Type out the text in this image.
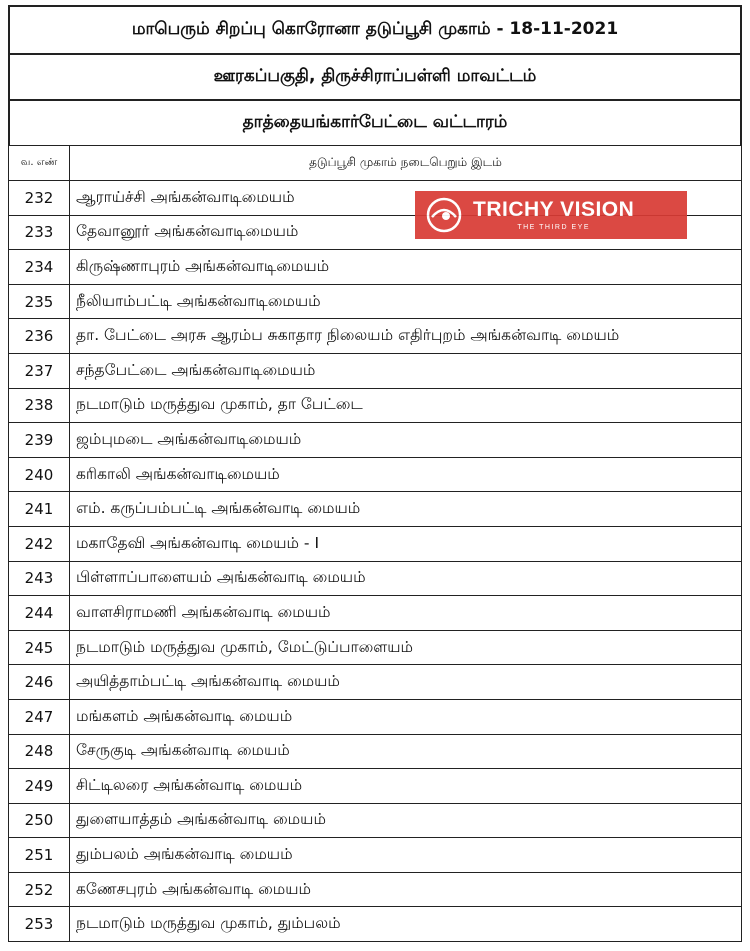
மாபெரும் சிறப்பு கொரோனா தடுப்பூசி முகாம் - 18-11-2021
ஊரகப்பகுதி, திருச்சிராப்பள்ளி மாவட்டம்
தாத்தையங்கார்பேட்டை வட்டாரம்
வ. எண்	தடுப்பூசி முகாம் நடைபெறும் இடம்
232	ஆராய்ச்சி அங்கன்வாடிமையம்
233	தேவானூர் அங்கன்வாடிமையம்
234	கிருஷ்ணாபுரம் அங்கன்வாடிமையம்
235	நீலியாம்பட்டி அங்கன்வாடிமையம்
236	தா. பேட்டை அரசு ஆரம்ப சுகாதார நிலையம் எதிர்புறம் அங்கன்வாடி மையம்
237	சந்தபேட்டை அங்கன்வாடிமையம்
238	நடமாடும் மருத்துவ முகாம், தா பேட்டை
239	ஜம்புமடை அங்கன்வாடிமையம்
240	கரிகாலி அங்கன்வாடிமையம்
241	எம். கருப்பம்பட்டி அங்கன்வாடி மையம்
242	மகாதேவி அங்கன்வாடி மையம் - I
243	பிள்ளாப்பாளையம் அங்கன்வாடி மையம்
244	வாளசிராமணி அங்கன்வாடி மையம்
245	நடமாடும் மருத்துவ முகாம், மேட்டுப்பாளையம்
246	அயித்தாம்பட்டி அங்கன்வாடி மையம்
247	மங்களம் அங்கன்வாடி மையம்
248	சேருகுடி அங்கன்வாடி மையம்
249	சிட்டிலரை அங்கன்வாடி மையம்
250	துளையாத்தம் அங்கன்வாடி மையம்
251	தும்பலம் அங்கன்வாடி மையம்
252	கணேசபுரம் அங்கன்வாடி மையம்
253	நடமாடும் மருத்துவ முகாம், தும்பலம்
TRICHY VISION
THE THIRD EYE
